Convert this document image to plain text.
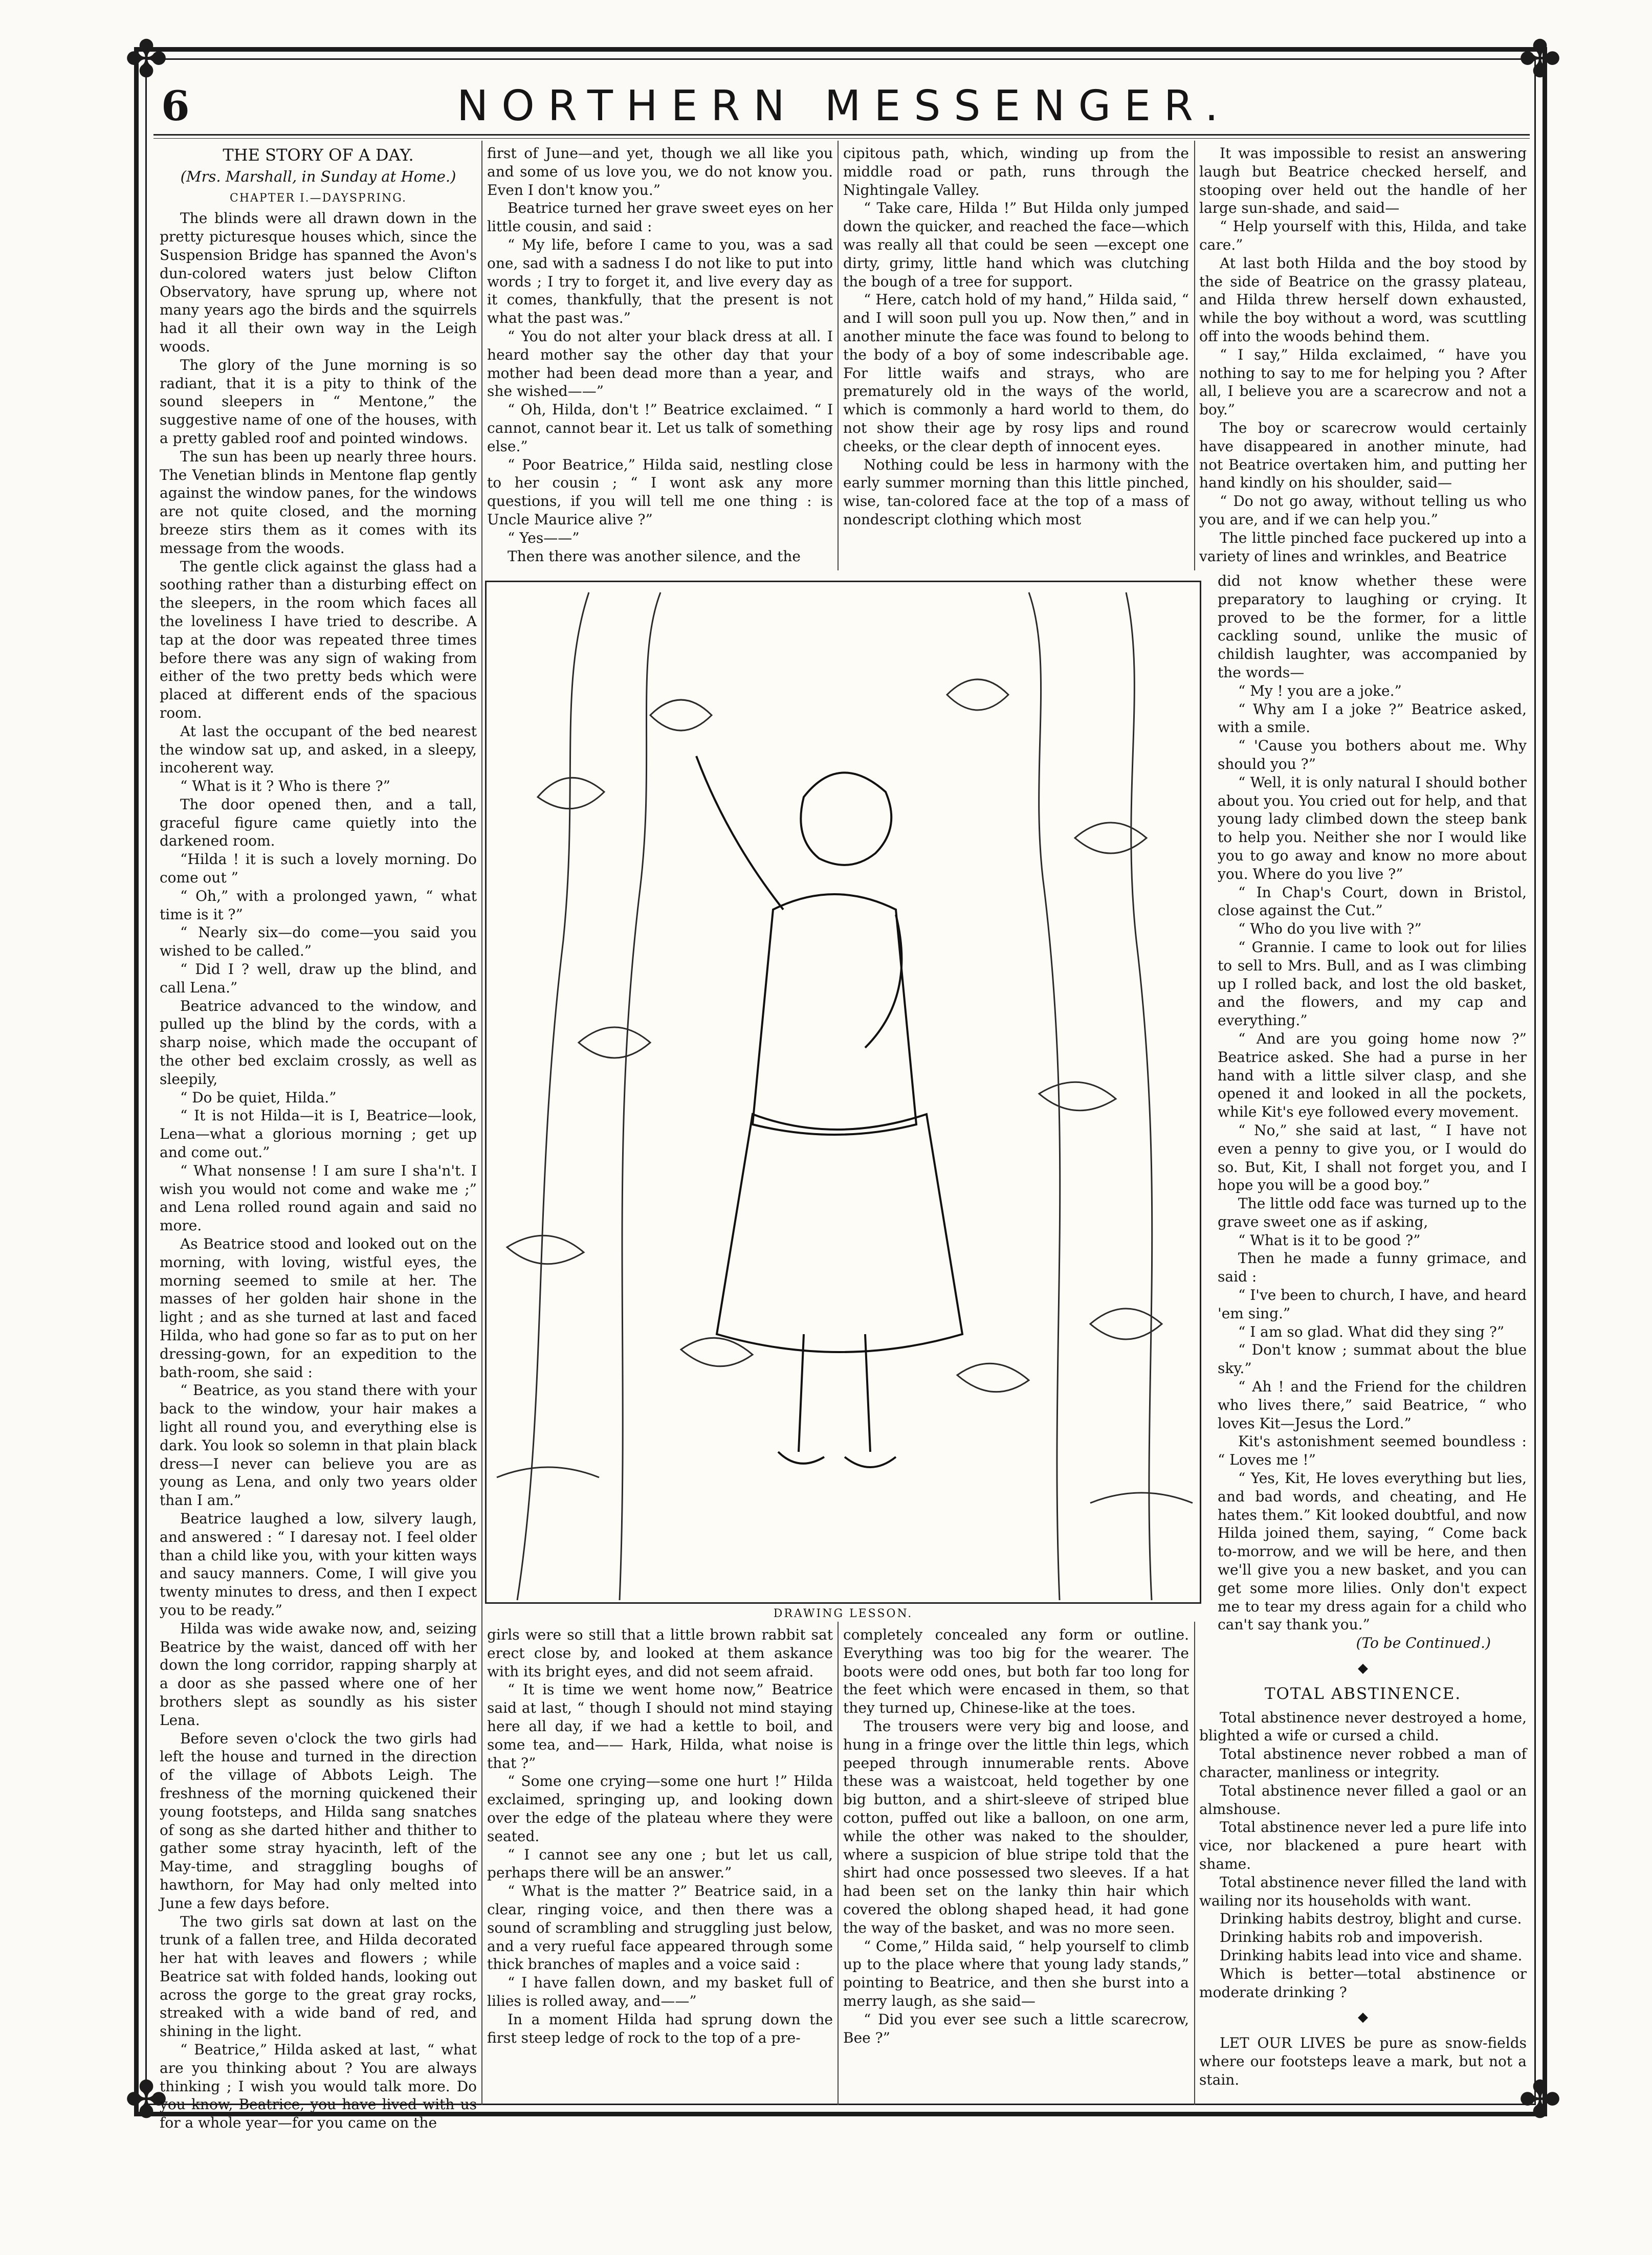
✤	✤
✤	✤
6	NORTHERN MESSENGER.
THE STORY OF A DAY.
(Mrs. Marshall, in Sunday at Home.)
CHAPTER I.—DAYSPRING.

The blinds were all drawn down in the pretty picturesque houses which, since the Suspension Bridge has spanned the Avon's dun-colored waters just below Clifton Observatory, have sprung up, where not many years ago the birds and the squirrels had it all their own way in the Leigh woods.

The glory of the June morning is so radiant, that it is a pity to think of the sound sleepers in “ Mentone,” the suggestive name of one of the houses, with a pretty gabled roof and pointed windows.

The sun has been up nearly three hours. The Venetian blinds in Mentone flap gently against the window panes, for the windows are not quite closed, and the morning breeze stirs them as it comes with its message from the woods.

The gentle click against the glass had a soothing rather than a disturbing effect on the sleepers, in the room which faces all the loveliness I have tried to describe. A tap at the door was repeated three times before there was any sign of waking from either of the two pretty beds which were placed at different ends of the spacious room.

At last the occupant of the bed nearest the window sat up, and asked, in a sleepy, incoherent way.

“ What is it ? Who is there ?”

The door opened then, and a tall, graceful figure came quietly into the darkened room.

“Hilda ! it is such a lovely morning. Do come out ”

“ Oh,” with a prolonged yawn, “ what time is it ?”

“ Nearly six—do come—you said you wished to be called.”

“ Did I ? well, draw up the blind, and call Lena.”

Beatrice advanced to the window, and pulled up the blind by the cords, with a sharp noise, which made the occupant of the other bed exclaim crossly, as well as sleepily,

“ Do be quiet, Hilda.”

“ It is not Hilda—it is I, Beatrice—look, Lena—what a glorious morning ; get up and come out.”

“ What nonsense ! I am sure I sha'n't. I wish you would not come and wake me ;” and Lena rolled round again and said no more.

As Beatrice stood and looked out on the morning, with loving, wistful eyes, the morning seemed to smile at her. The masses of her golden hair shone in the light ; and as she turned at last and faced Hilda, who had gone so far as to put on her dressing-gown, for an expedition to the bath-room, she said :

“ Beatrice, as you stand there with your back to the window, your hair makes a light all round you, and everything else is dark. You look so solemn in that plain black dress—I never can believe you are as young as Lena, and only two years older than I am.”

Beatrice laughed a low, silvery laugh, and answered : “ I daresay not. I feel older than a child like you, with your kitten ways and saucy manners. Come, I will give you twenty minutes to dress, and then I expect you to be ready.”

Hilda was wide awake now, and, seizing Beatrice by the waist, danced off with her down the long corridor, rapping sharply at a door as she passed where one of her brothers slept as soundly as his sister Lena.

Before seven o'clock the two girls had left the house and turned in the direction of the village of Abbots Leigh. The freshness of the morning quickened their young footsteps, and Hilda sang snatches of song as she darted hither and thither to gather some stray hyacinth, left of the May-time, and straggling boughs of hawthorn, for May had only melted into June a few days before.

The two girls sat down at last on the trunk of a fallen tree, and Hilda decorated her hat with leaves and flowers ; while Beatrice sat with folded hands, looking out across the gorge to the great gray rocks, streaked with a wide band of red, and shining in the light.

“ Beatrice,” Hilda asked at last, “ what are you thinking about ? You are always thinking ; I wish you would talk more. Do you know, Beatrice, you have lived with us for a whole year—for you came on the

first of June—and yet, though we all like you and some of us love you, we do not know you. Even I don't know you.”

Beatrice turned her grave sweet eyes on her little cousin, and said :

“ My life, before I came to you, was a sad one, sad with a sadness I do not like to put into words ; I try to forget it, and live every day as it comes, thankfully, that the present is not what the past was.”

“ You do not alter your black dress at all. I heard mother say the other day that your mother had been dead more than a year, and she wished——”

“ Oh, Hilda, don't !” Beatrice exclaimed. “ I cannot, cannot bear it. Let us talk of something else.”

“ Poor Beatrice,” Hilda said, nestling close to her cousin ; “ I wont ask any more questions, if you will tell me one thing : is Uncle Maurice alive ?”

“ Yes——”

Then there was another silence, and the

cipitous path, which, winding up from the middle road or path, runs through the Nightingale Valley.

“ Take care, Hilda !” But Hilda only jumped down the quicker, and reached the face—which was really all that could be seen —except one dirty, grimy, little hand which was clutching the bough of a tree for support.

“ Here, catch hold of my hand,” Hilda said, “ and I will soon pull you up. Now then,” and in another minute the face was found to belong to the body of a boy of some indescribable age. For little waifs and strays, who are prematurely old in the ways of the world, which is commonly a hard world to them, do not show their age by rosy lips and round cheeks, or the clear depth of innocent eyes.

Nothing could be less in harmony with the early summer morning than this little pinched, wise, tan-colored face at the top of a mass of nondescript clothing which most

It was impossible to resist an answering laugh but Beatrice checked herself, and stooping over held out the handle of her large sun-shade, and said—

“ Help yourself with this, Hilda, and take care.”

At last both Hilda and the boy stood by the side of Beatrice on the grassy plateau, and Hilda threw herself down exhausted, while the boy without a word, was scuttling off into the woods behind them.

“ I say,” Hilda exclaimed, “ have you nothing to say to me for helping you ? After all, I believe you are a scarecrow and not a boy.”

The boy or scarecrow would certainly have disappeared in another minute, had not Beatrice overtaken him, and putting her hand kindly on his shoulder, said—

“ Do not go away, without telling us who you are, and if we can help you.”

The little pinched face puckered up into a variety of lines and wrinkles, and Beatrice

DRAWING LESSON.

did not know whether these were preparatory to laughing or crying. It proved to be the former, for a little cackling sound, unlike the music of childish laughter, was accompanied by the words—

“ My ! you are a joke.”

“ Why am I a joke ?” Beatrice asked, with a smile.

“ 'Cause you bothers about me. Why should you ?”

“ Well, it is only natural I should bother about you. You cried out for help, and that young lady climbed down the steep bank to help you. Neither she nor I would like you to go away and know no more about you. Where do you live ?”

“ In Chap's Court, down in Bristol, close against the Cut.”

“ Who do you live with ?”

“ Grannie. I came to look out for lilies to sell to Mrs. Bull, and as I was climbing up I rolled back, and lost the old basket, and the flowers, and my cap and everything.”

“ And are you going home now ?” Beatrice asked. She had a purse in her hand with a little silver clasp, and she opened it and looked in all the pockets, while Kit's eye followed every movement.

“ No,” she said at last, “ I have not even a penny to give you, or I would do so. But, Kit, I shall not forget you, and I hope you will be a good boy.”

The little odd face was turned up to the grave sweet one as if asking,

“ What is it to be good ?”

Then he made a funny grimace, and said :

“ I've been to church, I have, and heard 'em sing.”

“ I am so glad. What did they sing ?”

“ Don't know ; summat about the blue sky.”

“ Ah ! and the Friend for the children who lives there,” said Beatrice, “ who loves Kit—Jesus the Lord.”

Kit's astonishment seemed boundless : “ Loves me !”

“ Yes, Kit, He loves everything but lies, and bad words, and cheating, and He hates them.” Kit looked doubtful, and now Hilda joined them, saying, “ Come back to-morrow, and we will be here, and then we'll give you a new basket, and you can get some more lilies. Only don't expect me to tear my dress again for a child who can't say thank you.”

(To be Continued.)

girls were so still that a little brown rabbit sat erect close by, and looked at them askance with its bright eyes, and did not seem afraid.

“ It is time we went home now,” Beatrice said at last, “ though I should not mind staying here all day, if we had a kettle to boil, and some tea, and—— Hark, Hilda, what noise is that ?”

“ Some one crying—some one hurt !” Hilda exclaimed, springing up, and looking down over the edge of the plateau where they were seated.

“ I cannot see any one ; but let us call, perhaps there will be an answer.”

“ What is the matter ?” Beatrice said, in a clear, ringing voice, and then there was a sound of scrambling and struggling just below, and a very rueful face appeared through some thick branches of maples and a voice said :

“ I have fallen down, and my basket full of lilies is rolled away, and——”

In a moment Hilda had sprung down the first steep ledge of rock to the top of a pre-

completely concealed any form or outline. Everything was too big for the wearer. The boots were odd ones, but both far too long for the feet which were encased in them, so that they turned up, Chinese-like at the toes.

The trousers were very big and loose, and hung in a fringe over the little thin legs, which peeped through innumerable rents. Above these was a waistcoat, held together by one big button, and a shirt-sleeve of striped blue cotton, puffed out like a balloon, on one arm, while the other was naked to the shoulder, where a suspicion of blue stripe told that the shirt had once possessed two sleeves. If a hat had been set on the lanky thin hair which covered the oblong shaped head, it had gone the way of the basket, and was no more seen.

“ Come,” Hilda said, “ help yourself to climb up to the place where that young lady stands,” pointing to Beatrice, and then she burst into a merry laugh, as she said—

“ Did you ever see such a little scarecrow, Bee ?”

◆
TOTAL ABSTINENCE.

Total abstinence never destroyed a home, blighted a wife or cursed a child.

Total abstinence never robbed a man of character, manliness or integrity.

Total abstinence never filled a gaol or an almshouse.

Total abstinence never led a pure life into vice, nor blackened a pure heart with shame.

Total abstinence never filled the land with wailing nor its households with want.

Drinking habits destroy, blight and curse.

Drinking habits rob and impoverish.

Drinking habits lead into vice and shame.

Which is better—total abstinence or moderate drinking ?

◆

LET OUR LIVES be pure as snow-fields where our footsteps leave a mark, but not a stain.
